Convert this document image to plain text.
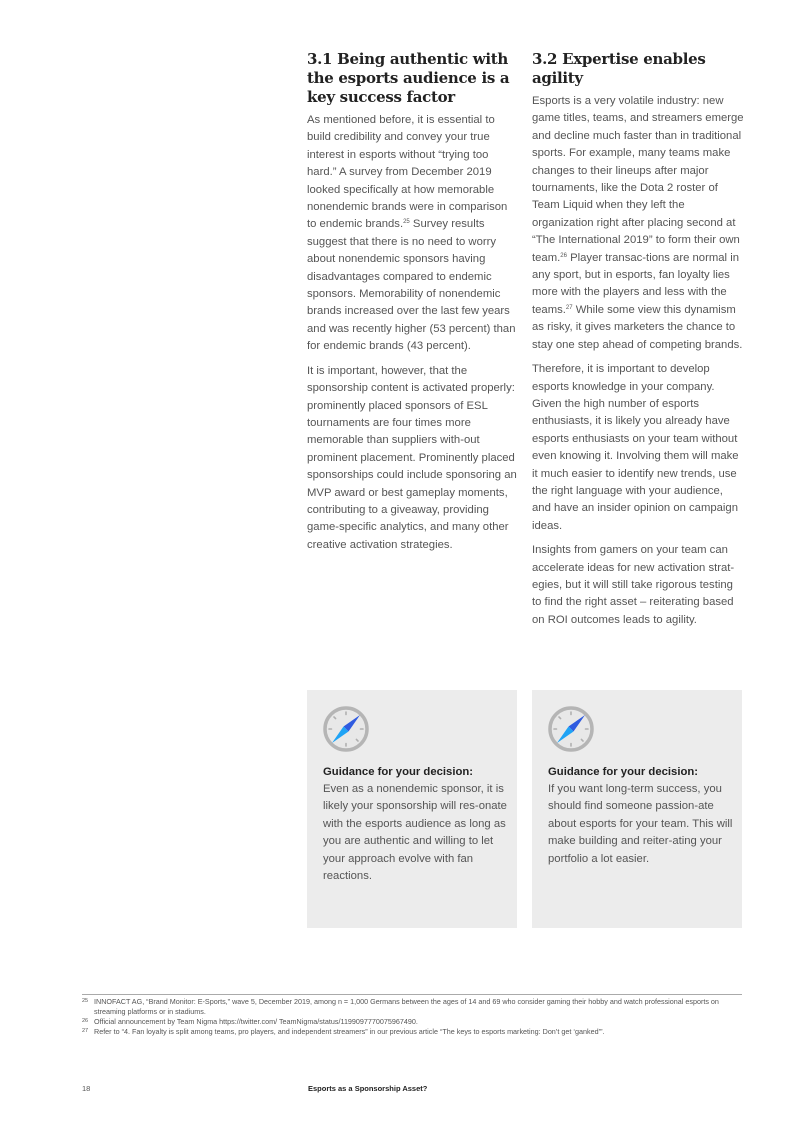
3.1 Being authentic with the esports audience is a key success factor

As mentioned before, it is essential to build credibility and convey your true interest in esports without “trying too hard.” A survey from December 2019 looked specifically at how memorable nonendemic brands were in comparison to endemic brands.$^{25}$ Survey results suggest that there is no need to worry about nonendemic sponsors having disadvantages compared to endemic sponsors. Memorability of nonendemic brands increased over the last few years and was recently higher (53 percent) than for endemic brands (43 percent).

It is important, however, that the sponsorship content is activated properly: prominently placed sponsors of ESL tournaments are four times more memorable than suppliers with-out prominent placement. Prominently placed sponsorships could include sponsoring an MVP award or best gameplay moments, contributing to a giveaway, providing game-specific analytics, and many other creative activation strategies.

3.2 Expertise enables agility

Esports is a very volatile industry: new game titles, teams, and streamers emerge and decline much faster than in traditional sports. For example, many teams make changes to their lineups after major tournaments, like the Dota 2 roster of Team Liquid when they left the organization right after placing second at “The International 2019” to form their own team.$^{26}$ Player transac-tions are normal in any sport, but in esports, fan loyalty lies more with the players and less with the teams.$^{27}$ While some view this dynamism as risky, it gives marketers the chance to stay one step ahead of competing brands.

Therefore, it is important to develop esports knowledge in your company. Given the high number of esports enthusiasts, it is likely you already have esports enthusiasts on your team without even knowing it. Involving them will make it much easier to identify new trends, use the right language with your audience, and have an insider opinion on campaign ideas.

Insights from gamers on your team can accelerate ideas for new activation strat-egies, but it will still take rigorous testing to find the right asset – reiterating based on ROI outcomes leads to agility.

Guidance for your decision:
Even as a nonendemic sponsor, it is likely your sponsorship will res-onate with the esports audience as long as you are authentic and willing to let your approach evolve with fan reactions.
Guidance for your decision:
If you want long-term success, you should find someone passion-ate about esports for your team. This will make building and reiter-ating your portfolio a lot easier.
25 INNOFACT AG, “Brand Monitor: E-Sports,” wave 5, December 2019, among n = 1,000 Germans between the ages of 14 and 69 who consider gaming their hobby and watch professional esports on streaming platforms or in stadiums.
26 Official announcement by Team Nigma https://twitter.com/ TeamNigma/status/1199097770075967490.
27 Refer to “4. Fan loyalty is split among teams, pro players, and independent streamers” in our previous article “The keys to esports marketing: Don’t get ‘ganked’”.
18	Esports as a Sponsorship Asset?
